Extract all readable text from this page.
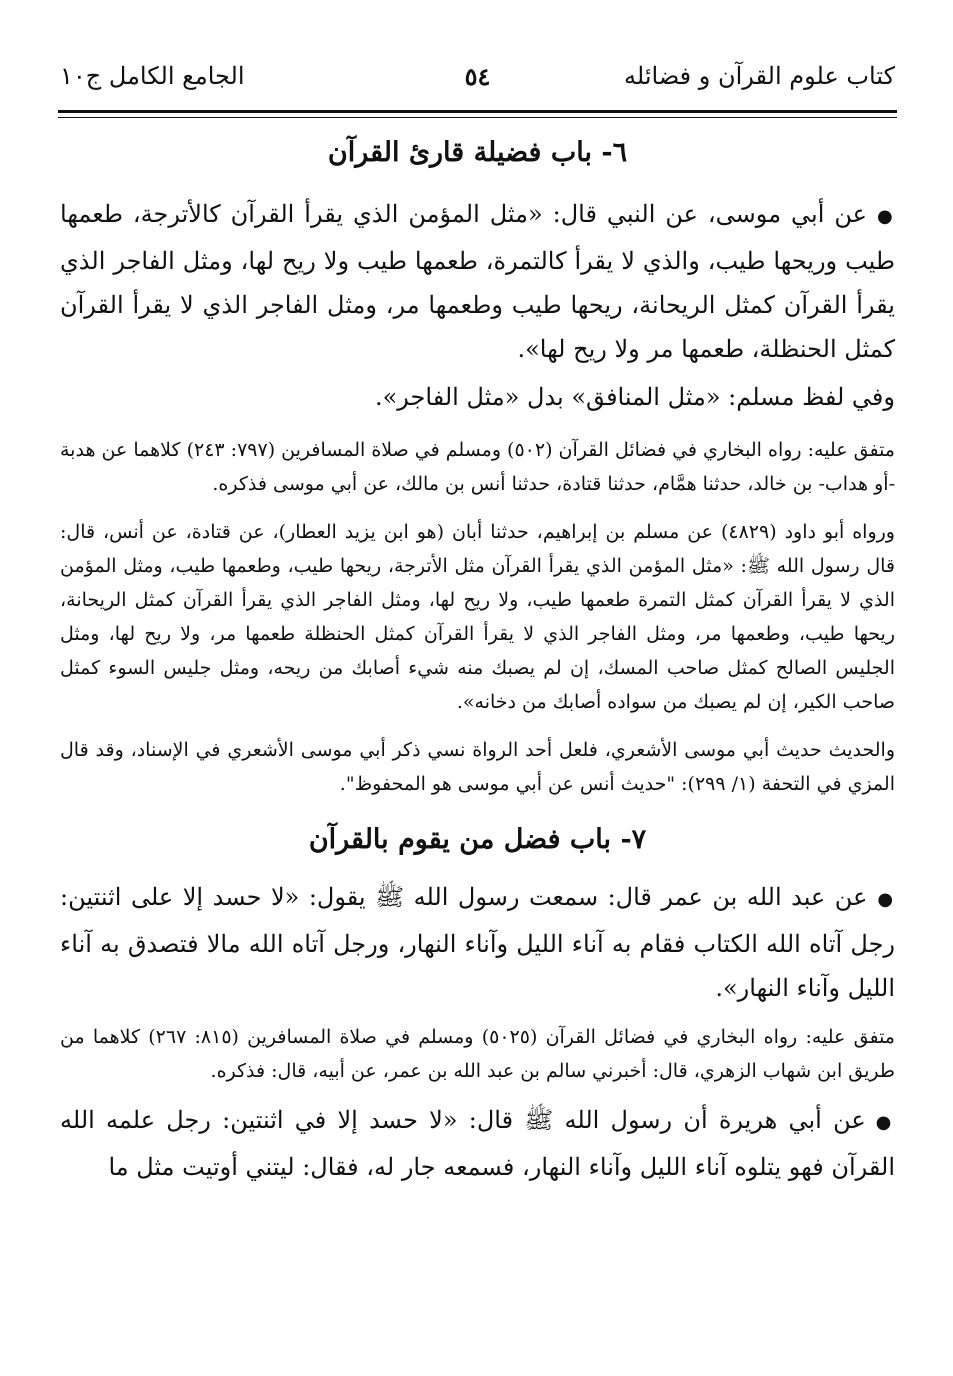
كتاب علوم القرآن و فضائله
٥٤
الجامع الكامل ج١٠
٦- باب فضيلة قارئ القرآن

●عن أبي موسى، عن النبي قال: «مثل المؤمن الذي يقرأ القرآن كالأترجة، طعمها طيب وريحها طيب، والذي لا يقرأ كالتمرة، طعمها طيب ولا ريح لها، ومثل الفاجر الذي يقرأ القرآن كمثل الريحانة، ريحها طيب وطعمها مر، ومثل الفاجر الذي لا يقرأ القرآن كمثل الحنظلة، طعمها مر ولا ريح لها».

وفي لفظ مسلم: «مثل المنافق» بدل «مثل الفاجر».

متفق عليه: رواه البخاري في فضائل القرآن (٥٠٢) ومسلم في صلاة المسافرين (٧٩٧: ٢٤٣) كلاهما عن هدبة -أو هداب- بن خالد، حدثنا همَّام، حدثنا قتادة، حدثنا أنس بن مالك، عن أبي موسى فذكره.

ورواه أبو داود (٤٨٢٩) عن مسلم بن إبراهيم، حدثنا أبان (هو ابن يزيد العطار)، عن قتادة، عن أنس، قال: قال رسول الله ﷺ: «مثل المؤمن الذي يقرأ القرآن مثل الأترجة، ريحها طيب، وطعمها طيب، ومثل المؤمن الذي لا يقرأ القرآن كمثل التمرة طعمها طيب، ولا ريح لها، ومثل الفاجر الذي يقرأ القرآن كمثل الريحانة، ريحها طيب، وطعمها مر، ومثل الفاجر الذي لا يقرأ القرآن كمثل الحنظلة طعمها مر، ولا ريح لها، ومثل الجليس الصالح كمثل صاحب المسك، إن لم يصبك منه شيء أصابك من ريحه، ومثل جليس السوء كمثل صاحب الكير، إن لم يصبك من سواده أصابك من دخانه».

والحديث حديث أبي موسى الأشعري، فلعل أحد الرواة نسي ذكر أبي موسى الأشعري في الإسناد، وقد قال المزي في التحفة (١/ ٢٩٩): "حديث أنس عن أبي موسى هو المحفوظ".

٧- باب فضل من يقوم بالقرآن

●عن عبد الله بن عمر قال: سمعت رسول الله ﷺ يقول: «لا حسد إلا على اثنتين: رجل آتاه الله الكتاب فقام به آناء الليل وآناء النهار، ورجل آتاه الله مالا فتصدق به آناء الليل وآناء النهار».

متفق عليه: رواه البخاري في فضائل القرآن (٥٠٢٥) ومسلم في صلاة المسافرين (٨١٥: ٢٦٧) كلاهما من طريق ابن شهاب الزهري، قال: أخبرني سالم بن عبد الله بن عمر، عن أبيه، قال: فذكره.

●عن أبي هريرة أن رسول الله ﷺ قال: «لا حسد إلا في اثنتين: رجل علمه الله القرآن فهو يتلوه آناء الليل وآناء النهار، فسمعه جار له، فقال: ليتني أوتيت مثل ما
